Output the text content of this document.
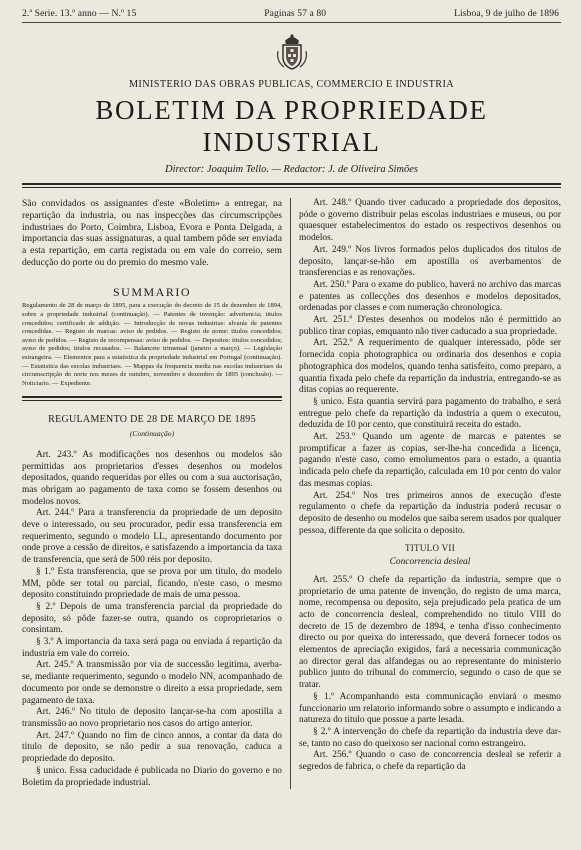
2.ª Serie. 13.º anno — N.º 15	Paginas 57 a 80	Lisboa, 9 de julho de 1896
MINISTERIO DAS OBRAS PUBLICAS, COMMERCIO E INDUSTRIA
BOLETIM DA PROPRIEDADE INDUSTRIAL
Director: Joaquim Tello. — Redactor: J. de Oliveira Simões

São convidados os assignantes d'este «Boletim» a entregar, na repartição da industria, ou nas inspecções das circumscripções industriaes do Porto, Coimbra, Lisboa, Evora e Ponta Delgada, a importancia das suas assignaturas, a qual tambem pôde ser enviada a esta repartição, em carta registada ou em vale do correio, sem deducção do porte ou do premio do mesmo vale.

SUMMARIO
Regulamento de 28 de março de 1895, para a execução do decreto de 15 de dezembro de 1894, sobre a propriedade industrial (continuação). — Patentes de invenção: advertencia; titulos concedidos; certificado de addição. — Introducção de novas industrias: alvarás de patentes concedidas. — Registo de marcas: aviso de pedidos. — Registo de nome: titulos concedidos; aviso de pedidos. — Registo de recompensas: aviso de pedidos. — Depositos: titulos concedidos; aviso de pedidos; titulos recusados. — Balancete trimensal (janeiro a março). — Legislação estrangeira. — Elementos para a estatistica da propriedade industrial em Portugal (continuação). — Estatistica das escolas industriaes. — Mappas da frequencia media nas escolas industriaes da circumscripção do norte nos mezes de outubro, novembro e dezembro de 1895 (conclusão). — Noticiario. — Expediente.
REGULAMENTO DE 28 DE MARÇO DE 1895
(Continuação)

Art. 243.º As modificações nos desenhos ou modelos são permittidas aos proprietarios d'esses desenhos ou modelos depositados, quando requeridas por elles ou com a sua auctorisação, mas obrigam ao pagamento de taxa como se fossem desenhos ou modelos novos.

Art. 244.º Para a transferencia da propriedade de um deposito deve o interessado, ou seu procurador, pedir essa transferencia em requerimento, segundo o modelo LL, apresentando documento por onde prove a cessão de direitos, e satisfazendo a importancia da taxa de transferencia, que será de 500 réis por deposito.

§ 1.º Esta transferencia, que se prova por um titulo, do modelo MM, pôde ser total ou parcial, ficando, n'este caso, o mesmo deposito constituindo propriedade de mais de uma pessoa.

§ 2.º Depois de uma transferencia parcial da propriedade do deposito, só pôde fazer-se outra, quando os coproprietarios o consintam.

§ 3.º A importancia da taxa será paga ou enviada á repartição da industria em vale do correio.

Art. 245.º A transmissão por via de successão legitima, averba-se, mediante requerimento, segundo o modelo NN, acompanhado de documento por onde se demonstre o direito a essa propriedade, sem pagamento de taxa.

Art. 246.º No titulo de deposito lançar-se-ha com apostilla a transmissão ao novo proprietario nos casos do artigo anterior.

Art. 247.º Quando no fim de cinco annos, a contar da data do titulo de deposito, se não pedir a sua renovação, caduca a propriedade do deposito.

§ unico. Essa caducidade é publicada no Diario do governo e no Boletim da propriedade industrial.

Art. 248.º Quando tiver caducado a propriedade dos depositos, póde o governo distribuir pelas escolas industriaes e museus, ou por quaesquer estabelecimentos do estado os respectivos desenhos ou modelos.

Art. 249.º Nos livros formados pelos duplicados dos titulos de deposito, lançar-se-hão em apostilla os averbamentos de transferencias e as renovações.

Art. 250.º Para o exame do publico, haverá no archivo das marcas e patentes as collecções dos desenhos e modelos depositados, ordenadas por classes e com numeração chronologica.

Art. 251.º D'estes desenhos ou modelos não é permittido ao publico tirar copias, emquanto não tiver caducado a sua propriedade.

Art. 252.º A requerimento de qualquer interessado, pôde ser fornecida copia photographica ou ordinaria dos desenhos e copia photographica dos modelos, quando tenha satisfeito, como preparo, a quantia fixada pelo chefe da repartição da industria, entregando-se as ditas copias ao requerente.

§ unico. Esta quantia servirá para pagamento do trabalho, e será entregue pelo chefe da repartição da industria a quem o executou, deduzida de 10 por cento, que constituirá receita do estado.

Art. 253.º Quando um agente de marcas e patentes se promptificar a fazer as copias, ser-lhe-ha concedida a licença, pagando n'este caso, como emolumentos para o estado, a quantia indicada pelo chefe da repartição, calculada em 10 por cento do valor das mesmas copias.

Art. 254.º Nos tres primeiros annos de execução d'este regulamento o chefe da repartição da industria poderá recusar o deposito de desenho ou modelos que saiba serem usados por qualquer pessoa, differente da que solicita o deposito.

TITULO VII
Concorrencia desleal

Art. 255.º O chefe da repartição da industria, sempre que o proprietario de uma patente de invenção, do registo de uma marca, nome, recompensa ou deposito, seja prejudicado pela pratica de um acto de concorrencia desleal, comprehendido no titulo VIII do decreto de 15 de dezembro de 1894, e tenha d'isso conhecimento directo ou por queixa do interessado, que deverá fornecer todos os elementos de apreciação exigidos, fará a necessaria communicação ao director geral das alfandegas ou ao representante do ministerio publico junto do tribunal do commercio, segundo o caso de que se tratar.

§ 1.º Acompanhando esta communicação enviará o mesmo funccionario um relatorio informando sobre o assumpto e indicando a natureza do titulo que possue a parte lesada.

§ 2.º A intervenção do chefe da repartição da industria deve dar-se, tanto no caso do queixoso ser nacional como estrangeiro.

Art. 256.º Quando o caso de concorrencia desleal se referir a segredos de fabrica, o chefe da repartição da
